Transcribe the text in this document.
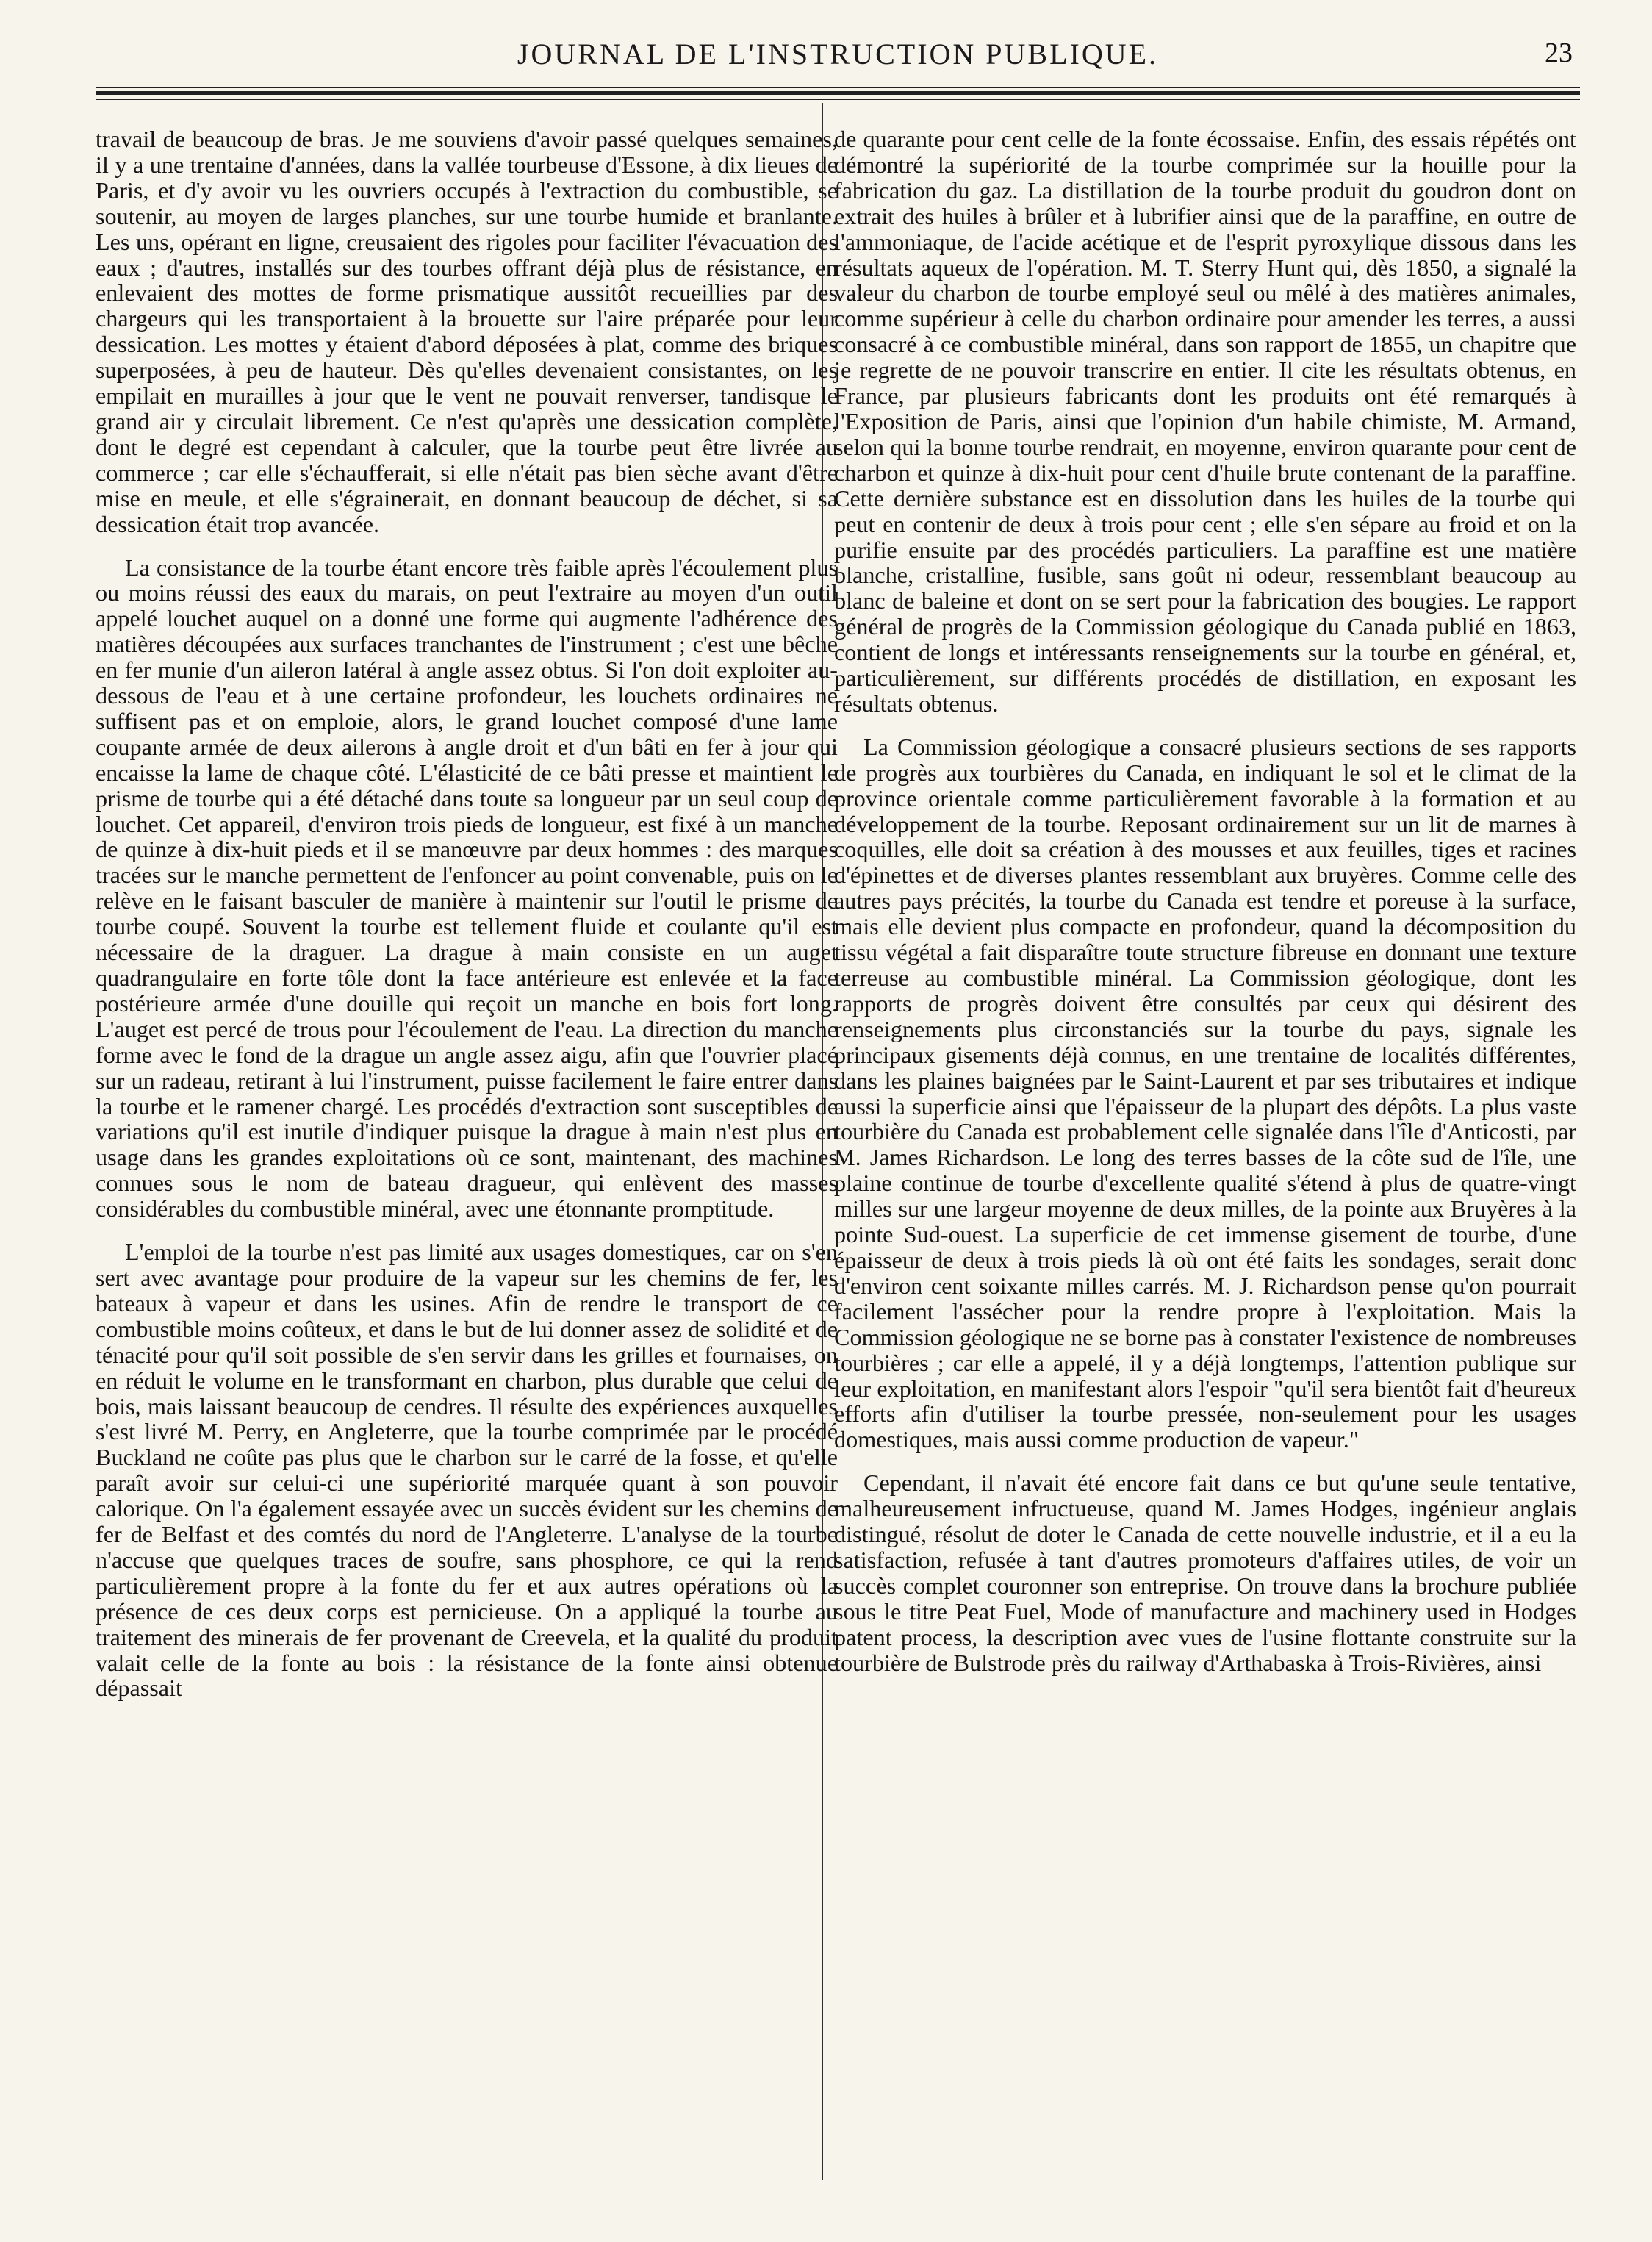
JOURNAL DE L'INSTRUCTION PUBLIQUE.	23

travail de beaucoup de bras. Je me souviens d'avoir passé quelques semaines, il y a une trentaine d'années, dans la vallée tourbeuse d'Essone, à dix lieues de Paris, et d'y avoir vu les ouvriers occupés à l'extraction du combustible, se soutenir, au moyen de larges planches, sur une tourbe humide et branlante. Les uns, opérant en ligne, creusaient des rigoles pour faciliter l'évacuation des eaux ; d'autres, installés sur des tourbes offrant déjà plus de résistance, en enlevaient des mottes de forme prismatique aussitôt recueillies par des chargeurs qui les transportaient à la brouette sur l'aire préparée pour leur dessication. Les mottes y étaient d'abord déposées à plat, comme des briques superposées, à peu de hauteur. Dès qu'elles devenaient consistantes, on les empilait en murailles à jour que le vent ne pouvait renverser, tandisque le grand air y circulait librement. Ce n'est qu'après une dessication complète, dont le degré est cependant à calculer, que la tourbe peut être livrée au commerce ; car elle s'échaufferait, si elle n'était pas bien sèche avant d'être mise en meule, et elle s'égrainerait, en donnant beaucoup de déchet, si sa dessication était trop avancée.

La consistance de la tourbe étant encore très faible après l'écoulement plus ou moins réussi des eaux du marais, on peut l'extraire au moyen d'un outil appelé louchet auquel on a donné une forme qui augmente l'adhérence des matières découpées aux surfaces tranchantes de l'instrument ; c'est une bêche en fer munie d'un aileron latéral à angle assez obtus. Si l'on doit exploiter au-dessous de l'eau et à une certaine profondeur, les louchets ordinaires ne suffisent pas et on emploie, alors, le grand louchet composé d'une lame coupante armée de deux ailerons à angle droit et d'un bâti en fer à jour qui encaisse la lame de chaque côté. L'élasticité de ce bâti presse et maintient le prisme de tourbe qui a été détaché dans toute sa longueur par un seul coup de louchet. Cet appareil, d'environ trois pieds de longueur, est fixé à un manche de quinze à dix-huit pieds et il se manœuvre par deux hommes : des marques tracées sur le manche permettent de l'enfoncer au point convenable, puis on le relève en le faisant basculer de manière à maintenir sur l'outil le prisme de tourbe coupé. Souvent la tourbe est tellement fluide et coulante qu'il est nécessaire de la draguer. La drague à main consiste en un auget quadrangulaire en forte tôle dont la face antérieure est enlevée et la face postérieure armée d'une douille qui reçoit un manche en bois fort long. L'auget est percé de trous pour l'écoulement de l'eau. La direction du manche forme avec le fond de la drague un angle assez aigu, afin que l'ouvrier placé sur un radeau, retirant à lui l'instrument, puisse facilement le faire entrer dans la tourbe et le ramener chargé. Les procédés d'extraction sont susceptibles de variations qu'il est inutile d'indiquer puisque la drague à main n'est plus en usage dans les grandes exploitations où ce sont, maintenant, des machines connues sous le nom de bateau dragueur, qui enlèvent des masses considérables du combustible minéral, avec une étonnante promptitude.

L'emploi de la tourbe n'est pas limité aux usages domestiques, car on s'en sert avec avantage pour produire de la vapeur sur les chemins de fer, les bateaux à vapeur et dans les usines. Afin de rendre le transport de ce combustible moins coûteux, et dans le but de lui donner assez de solidité et de ténacité pour qu'il soit possible de s'en servir dans les grilles et fournaises, on en réduit le volume en le transformant en charbon, plus durable que celui de bois, mais laissant beaucoup de cendres. Il résulte des expériences auxquelles s'est livré M. Perry, en Angleterre, que la tourbe comprimée par le procédé Buckland ne coûte pas plus que le charbon sur le carré de la fosse, et qu'elle paraît avoir sur celui-ci une supériorité marquée quant à son pouvoir calorique. On l'a également essayée avec un succès évident sur les chemins de fer de Belfast et des comtés du nord de l'Angleterre. L'analyse de la tourbe n'accuse que quelques traces de soufre, sans phosphore, ce qui la rend particulièrement propre à la fonte du fer et aux autres opérations où la présence de ces deux corps est pernicieuse. On a appliqué la tourbe au traitement des minerais de fer provenant de Creevela, et la qualité du produit valait celle de la fonte au bois : la résistance de la fonte ainsi obtenue dépassait

de quarante pour cent celle de la fonte écossaise. Enfin, des essais répétés ont démontré la supériorité de la tourbe comprimée sur la houille pour la fabrication du gaz. La distillation de la tourbe produit du goudron dont on extrait des huiles à brûler et à lubrifier ainsi que de la paraffine, en outre de l'ammoniaque, de l'acide acétique et de l'esprit pyroxylique dissous dans les résultats aqueux de l'opération. M. T. Sterry Hunt qui, dès 1850, a signalé la valeur du charbon de tourbe employé seul ou mêlé à des matières animales, comme supérieur à celle du charbon ordinaire pour amender les terres, a aussi consacré à ce combustible minéral, dans son rapport de 1855, un chapitre que je regrette de ne pouvoir transcrire en entier. Il cite les résultats obtenus, en France, par plusieurs fabricants dont les produits ont été remarqués à l'Exposition de Paris, ainsi que l'opinion d'un habile chimiste, M. Armand, selon qui la bonne tourbe rendrait, en moyenne, environ quarante pour cent de charbon et quinze à dix-huit pour cent d'huile brute contenant de la paraffine. Cette dernière substance est en dissolution dans les huiles de la tourbe qui peut en contenir de deux à trois pour cent ; elle s'en sépare au froid et on la purifie ensuite par des procédés particuliers. La paraffine est une matière blanche, cristalline, fusible, sans goût ni odeur, ressemblant beaucoup au blanc de baleine et dont on se sert pour la fabrication des bougies. Le rapport général de progrès de la Commission géologique du Canada publié en 1863, contient de longs et intéressants renseignements sur la tourbe en général, et, particulièrement, sur différents procédés de distillation, en exposant les résultats obtenus.

La Commission géologique a consacré plusieurs sections de ses rapports de progrès aux tourbières du Canada, en indiquant le sol et le climat de la province orientale comme particulièrement favorable à la formation et au développement de la tourbe. Reposant ordinairement sur un lit de marnes à coquilles, elle doit sa création à des mousses et aux feuilles, tiges et racines d'épinettes et de diverses plantes ressemblant aux bruyères. Comme celle des autres pays précités, la tourbe du Canada est tendre et poreuse à la surface, mais elle devient plus compacte en profondeur, quand la décomposition du tissu végétal a fait disparaître toute structure fibreuse en donnant une texture terreuse au combustible minéral. La Commission géologique, dont les rapports de progrès doivent être consultés par ceux qui désirent des renseignements plus circonstanciés sur la tourbe du pays, signale les principaux gisements déjà connus, en une trentaine de localités différentes, dans les plaines baignées par le Saint-Laurent et par ses tributaires et indique aussi la superficie ainsi que l'épaisseur de la plupart des dépôts. La plus vaste tourbière du Canada est probablement celle signalée dans l'île d'Anticosti, par M. James Richardson. Le long des terres basses de la côte sud de l'île, une plaine continue de tourbe d'excellente qualité s'étend à plus de quatre-vingt milles sur une largeur moyenne de deux milles, de la pointe aux Bruyères à la pointe Sud-ouest. La superficie de cet immense gisement de tourbe, d'une épaisseur de deux à trois pieds là où ont été faits les sondages, serait donc d'environ cent soixante milles carrés. M. J. Richardson pense qu'on pourrait facilement l'assécher pour la rendre propre à l'exploitation. Mais la Commission géologique ne se borne pas à constater l'existence de nombreuses tourbières ; car elle a appelé, il y a déjà longtemps, l'attention publique sur leur exploitation, en manifestant alors l'espoir "qu'il sera bientôt fait d'heureux efforts afin d'utiliser la tourbe pressée, non-seulement pour les usages domestiques, mais aussi comme production de vapeur."

Cependant, il n'avait été encore fait dans ce but qu'une seule tentative, malheureusement infructueuse, quand M. James Hodges, ingénieur anglais distingué, résolut de doter le Canada de cette nouvelle industrie, et il a eu la satisfaction, refusée à tant d'autres promoteurs d'affaires utiles, de voir un succès complet couronner son entreprise. On trouve dans la brochure publiée sous le titre Peat Fuel, Mode of manufacture and machinery used in Hodges patent process, la description avec vues de l'usine flottante construite sur la tourbière de Bulstrode près du railway d'Arthabaska à Trois-Rivières, ainsi
